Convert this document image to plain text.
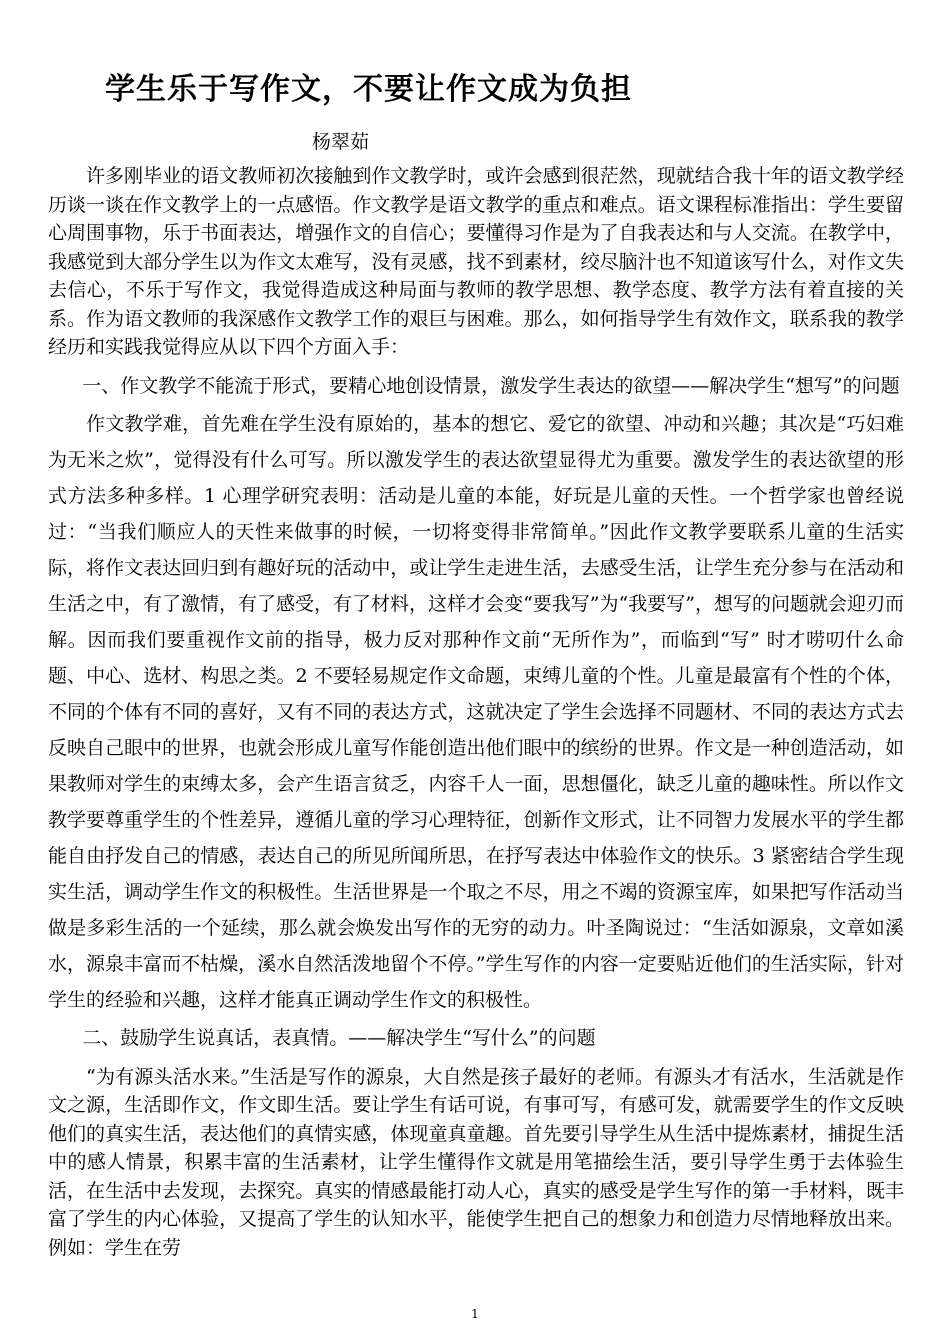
学生乐于写作文，不要让作文成为负担
杨翠茹

许多刚毕业的语文教师初次接触到作文教学时，或许会感到很茫然，现就结合我十年的语文教学经历谈一谈在作文教学上的一点感悟。作文教学是语文教学的重点和难点。语文课程标准指出：学生要留心周围事物，乐于书面表达，增强作文的自信心；要懂得习作是为了自我表达和与人交流。在教学中，我感觉到大部分学生以为作文太难写，没有灵感，找不到素材，绞尽脑汁也不知道该写什么，对作文失去信心，不乐于写作文，我觉得造成这种局面与教师的教学思想、教学态度、教学方法有着直接的关系。作为语文教师的我深感作文教学工作的艰巨与困难。那么，如何指导学生有效作文，联系我的教学经历和实践我觉得应从以下四个方面入手：

一、作文教学不能流于形式，要精心地创设情景，激发学生表达的欲望——解决学生“想写”的问题

作文教学难，首先难在学生没有原始的，基本的想它、爱它的欲望、冲动和兴趣；其次是“巧妇难为无米之炊”，觉得没有什么可写。所以激发学生的表达欲望显得尤为重要。激发学生的表达欲望的形式方法多种多样。1 心理学研究表明：活动是儿童的本能，好玩是儿童的天性。一个哲学家也曾经说过：“当我们顺应人的天性来做事的时候，一切将变得非常简单。”因此作文教学要联系儿童的生活实际，将作文表达回归到有趣好玩的活动中，或让学生走进生活，去感受生活，让学生充分参与在活动和生活之中，有了激情，有了感受，有了材料，这样才会变“要我写”为“我要写”，想写的问题就会迎刃而解。因而我们要重视作文前的指导，极力反对那种作文前“无所作为”，而临到“写” 时才唠叨什么命题、中心、选材、构思之类。2 不要轻易规定作文命题，束缚儿童的个性。儿童是最富有个性的个体，不同的个体有不同的喜好，又有不同的表达方式，这就决定了学生会选择不同题材、不同的表达方式去反映自己眼中的世界，也就会形成儿童写作能创造出他们眼中的缤纷的世界。作文是一种创造活动，如果教师对学生的束缚太多，会产生语言贫乏，内容千人一面，思想僵化，缺乏儿童的趣味性。所以作文教学要尊重学生的个性差异，遵循儿童的学习心理特征，创新作文形式，让不同智力发展水平的学生都能自由抒发自己的情感，表达自己的所见所闻所思，在抒写表达中体验作文的快乐。3 紧密结合学生现实生活，调动学生作文的积极性。生活世界是一个取之不尽，用之不竭的资源宝库，如果把写作活动当做是多彩生活的一个延续，那么就会焕发出写作的无穷的动力。叶圣陶说过：“生活如源泉，文章如溪水，源泉丰富而不枯燥，溪水自然活泼地留个不停。”学生写作的内容一定要贴近他们的生活实际，针对学生的经验和兴趣，这样才能真正调动学生作文的积极性。

二、鼓励学生说真话，表真情。——解决学生“写什么”的问题

“为有源头活水来。”生活是写作的源泉，大自然是孩子最好的老师。有源头才有活水，生活就是作文之源，生活即作文，作文即生活。要让学生有话可说，有事可写，有感可发，就需要学生的作文反映他们的真实生活，表达他们的真情实感，体现童真童趣。首先要引导学生从生活中提炼素材，捕捉生活中的感人情景，积累丰富的生活素材，让学生懂得作文就是用笔描绘生活，要引导学生勇于去体验生活，在生活中去发现，去探究。真实的情感最能打动人心，真实的感受是学生写作的第一手材料，既丰富了学生的内心体验，又提高了学生的认知水平，能使学生把自己的想象力和创造力尽情地释放出来。例如：学生在劳

1
